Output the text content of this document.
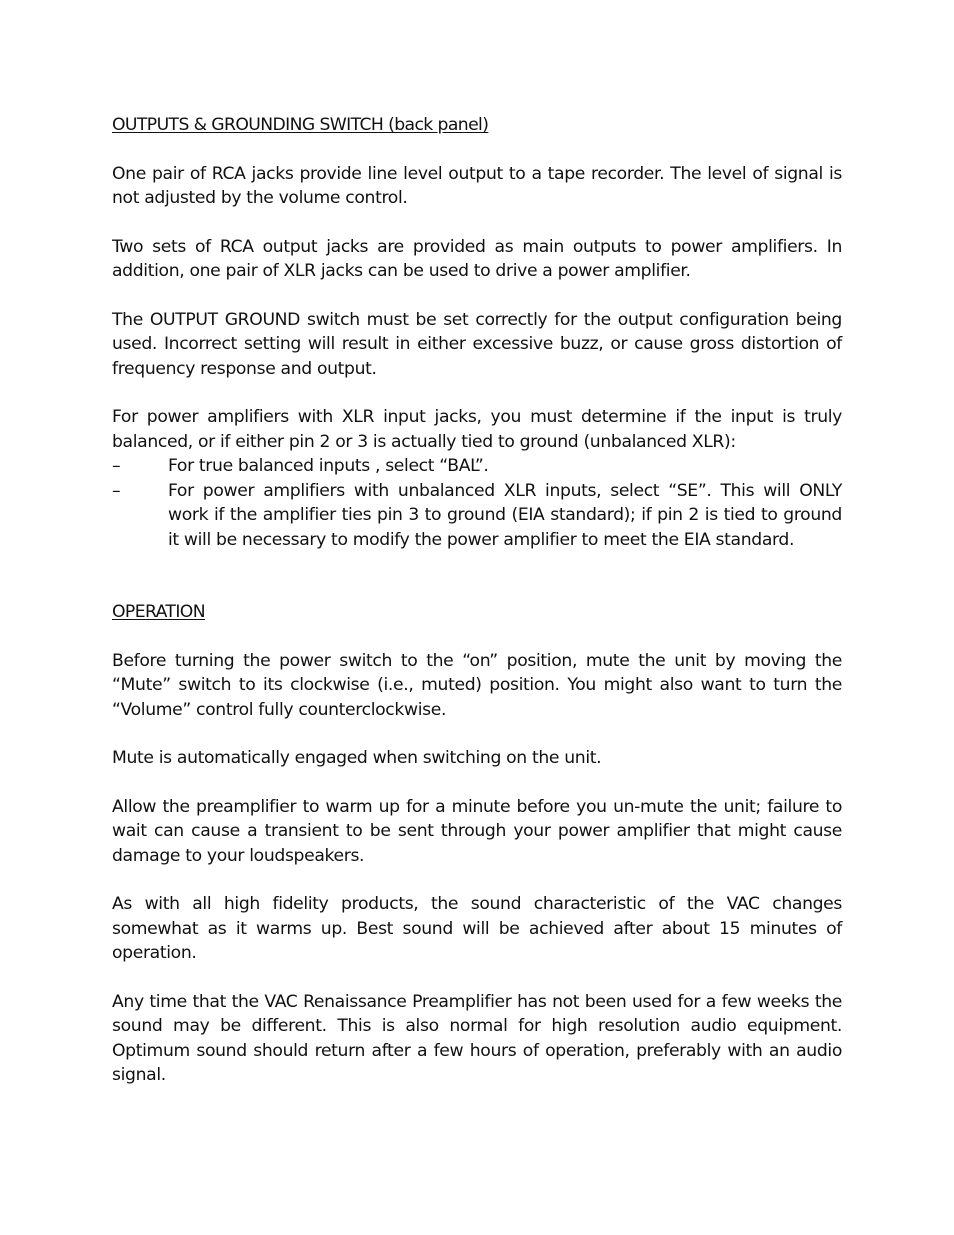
OUTPUTS & GROUNDING SWITCH (back panel)

One pair of RCA jacks provide line level output to a tape recorder. The level of signal is not adjusted by the volume control.

Two sets of RCA output jacks are provided as main outputs to power amplifiers. In addition, one pair of XLR jacks can be used to drive a power amplifier.

The OUTPUT GROUND switch must be set correctly for the output configuration being used. Incorrect setting will result in either excessive buzz, or cause gross distortion of frequency response and output.

For power amplifiers with XLR input jacks, you must determine if the input is truly balanced, or if either pin 2 or 3 is actually tied to ground (unbalanced XLR):

–	For true balanced inputs , select “BAL”.
–	For power amplifiers with unbalanced XLR inputs, select “SE”. This will ONLY work if the amplifier ties pin 3 to ground (EIA standard); if pin 2 is tied to ground it will be necessary to modify the power amplifier to meet the EIA standard.
OPERATION

Before turning the power switch to the “on” position, mute the unit by moving the “Mute” switch to its clockwise (i.e., muted) position. You might also want to turn the “Volume” control fully counterclockwise.

Mute is automatically engaged when switching on the unit.

Allow the preamplifier to warm up for a minute before you un-mute the unit; failure to wait can cause a transient to be sent through your power amplifier that might cause damage to your loudspeakers.

As with all high fidelity products, the sound characteristic of the VAC changes somewhat as it warms up. Best sound will be achieved after about 15 minutes of operation.

Any time that the VAC Renaissance Preamplifier has not been used for a few weeks the sound may be different. This is also normal for high resolution audio equipment. Optimum sound should return after a few hours of operation, preferably with an audio signal.
